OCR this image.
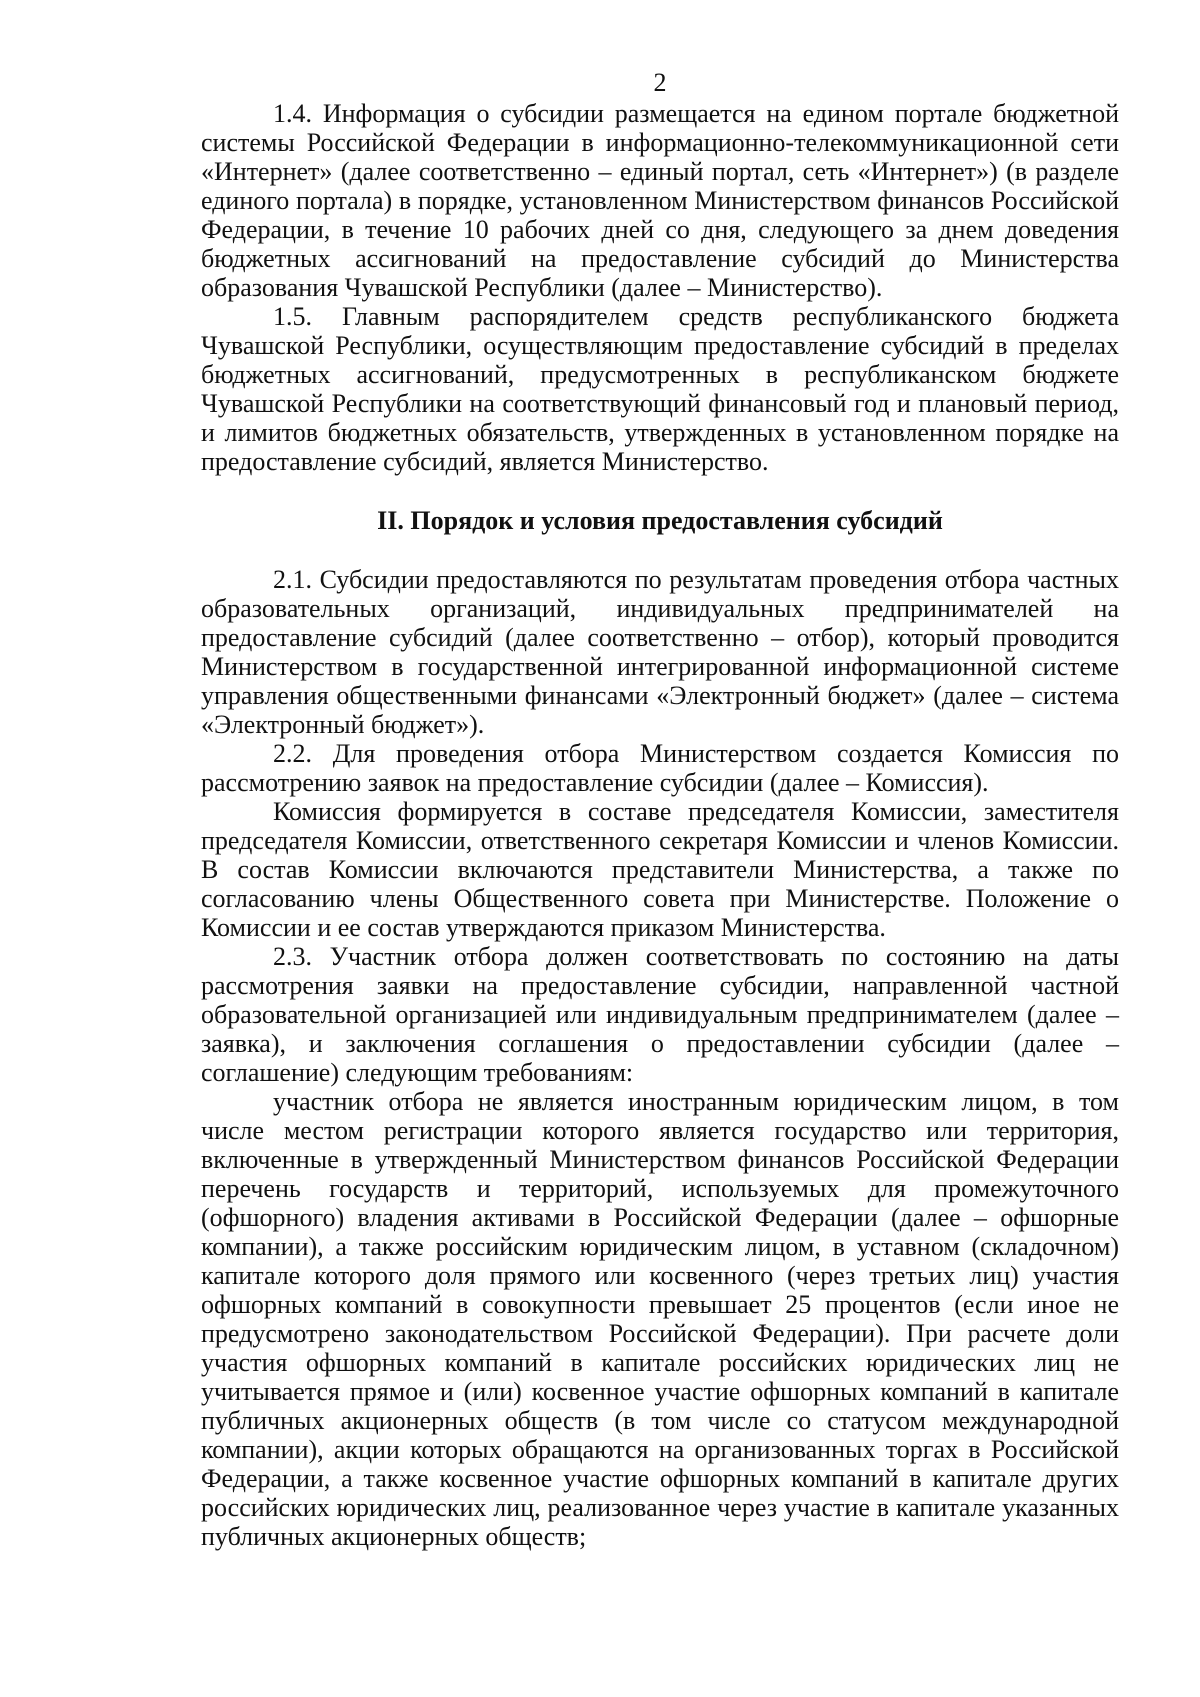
2

1.4. Информация о субсидии размещается на едином портале бюджетной системы Российской Федерации в информационно-телекоммуникационной сети «Интернет» (далее соответственно – единый портал, сеть «Интернет») (в разделе единого портала) в порядке, установленном Министерством финансов Российской Федерации, в течение 10 рабочих дней со дня, следующего за днем доведения бюджетных ассигнований на предоставление субсидий до Министерства образования Чувашской Республики (далее – Министерство).

1.5. Главным распорядителем средств республиканского бюджета Чувашской Республики, осуществляющим предоставление субсидий в пределах бюджетных ассигнований, предусмотренных в республиканском бюджете Чувашской Республики на соответствующий финансовый год и плановый период, и лимитов бюджетных обязательств, утвержденных в установленном порядке на предоставление субсидий, является Министерство.

II. Порядок и условия предоставления субсидий

2.1. Субсидии предоставляются по результатам проведения отбора частных образовательных организаций, индивидуальных предпринимателей на предоставление субсидий (далее соответственно – отбор), который проводится Министерством в государственной интегрированной информационной системе управления общественными финансами «Электронный бюджет» (далее – система «Электронный бюджет»).

2.2. Для проведения отбора Министерством создается Комиссия по рассмотрению заявок на предоставление субсидии (далее – Комиссия).

Комиссия формируется в составе председателя Комиссии, заместителя председателя Комиссии, ответственного секретаря Комиссии и членов Комиссии. В состав Комиссии включаются представители Министерства, а также по согласованию члены Общественного совета при Министерстве. Положение о Комиссии и ее состав утверждаются приказом Министерства.

2.3. Участник отбора должен соответствовать по состоянию на даты рассмотрения заявки на предоставление субсидии, направленной частной образовательной организацией или индивидуальным предпринимателем (далее – заявка), и заключения соглашения о предоставлении субсидии (далее – соглашение) следующим требованиям:

участник отбора не является иностранным юридическим лицом, в том числе местом регистрации которого является государство или территория, включенные в утвержденный Министерством финансов Российской Федерации перечень государств и территорий, используемых для промежуточного (офшорного) владения активами в Российской Федерации (далее – офшорные компании), а также российским юридическим лицом, в уставном (складочном) капитале которого доля прямого или косвенного (через третьих лиц) участия офшорных компаний в совокупности превышает 25 процентов (если иное не предусмотрено законодательством Российской Федерации). При расчете доли участия офшорных компаний в капитале российских юридических лиц не учитывается прямое и (или) косвенное участие офшорных компаний в капитале публичных акционерных обществ (в том числе со статусом международной компании), акции которых обращаются на организованных торгах в Российской Федерации, а также косвенное участие офшорных компаний в капитале других российских юридических лиц, реализованное через участие в капитале указанных публичных акционерных обществ;
